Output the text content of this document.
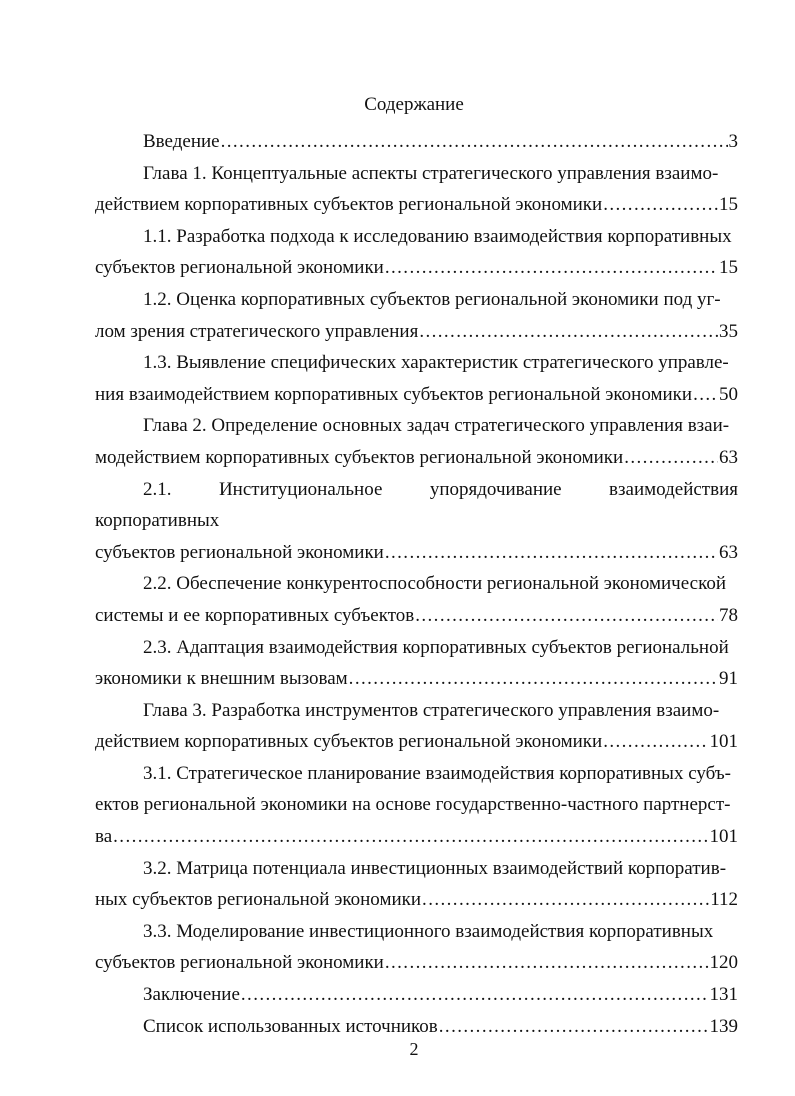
Содержание
Введение .....	3
Глава 1. Концептуальные аспекты стратегического управления взаимо-
действием корпоративных субъектов региональной экономики .....	15
1.1. Разработка подхода к исследованию взаимодействия корпоративных
субъектов региональной экономики .....	15
1.2. Оценка корпоративных субъектов региональной экономики под уг-
лом зрения стратегического управления .....	35
1.3. Выявление специфических характеристик стратегического управле-
ния взаимодействием корпоративных субъектов региональной экономики ..... 50
Глава 2. Определение основных задач стратегического управления взаи-
модействием корпоративных субъектов региональной экономики .....	63
2.1. Институциональное упорядочивание взаимодействия корпоративных
субъектов региональной экономики .....	63
2.2. Обеспечение конкурентоспособности региональной экономической
системы и ее корпоративных субъектов .....	78
2.3. Адаптация взаимодействия корпоративных субъектов региональной
экономики к внешним вызовам .....	91
Глава 3. Разработка инструментов стратегического управления взаимо-
действием корпоративных субъектов региональной экономики .....	101
3.1. Стратегическое планирование взаимодействия корпоративных субъ-
ектов региональной экономики на основе государственно-частного партнерст-
ва .....	101
3.2. Матрица потенциала инвестиционных взаимодействий корпоратив-
ных субъектов региональной экономики .....	112
3.3. Моделирование инвестиционного взаимодействия корпоративных
субъектов региональной экономики .....	120
Заключение .....	131
Список использованных источников .....	139
2
